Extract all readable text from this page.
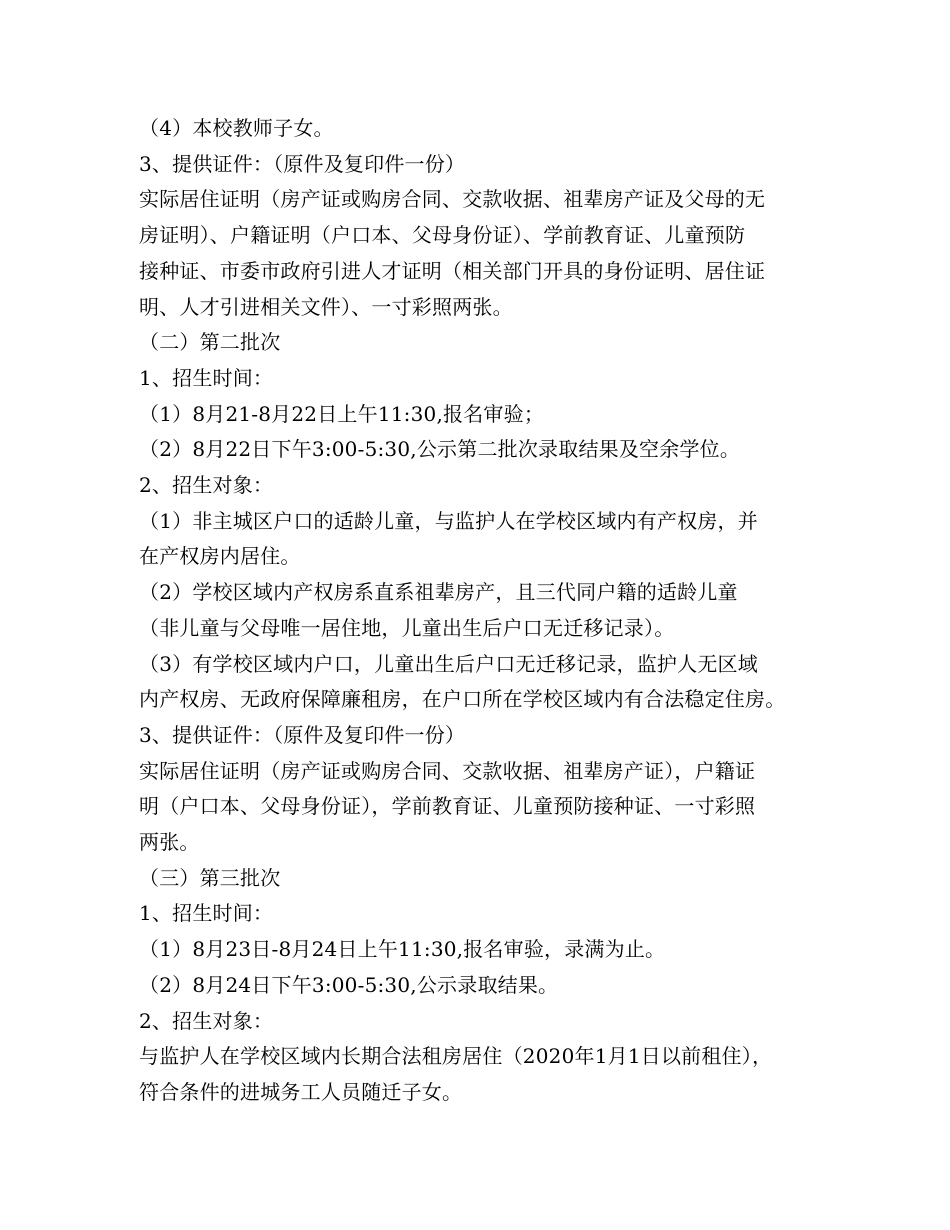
（4）本校教师子女。
3、提供证件：（原件及复印件一份）
实际居住证明（房产证或购房合同、交款收据、祖辈房产证及父母的无
房证明）、户籍证明（户口本、父母身份证）、学前教育证、儿童预防
接种证、市委市政府引进人才证明（相关部门开具的身份证明、居住证
明、人才引进相关文件）、一寸彩照两张。
（二）第二批次
1、招生时间：
（1）8月21-8月22日上午11:30,报名审验；
（2）8月22日下午3:00-5:30,公示第二批次录取结果及空余学位。
2、招生对象：
（1）非主城区户口的适龄儿童，与监护人在学校区域内有产权房，并
在产权房内居住。
（2）学校区域内产权房系直系祖辈房产，且三代同户籍的适龄儿童
（非儿童与父母唯一居住地，儿童出生后户口无迁移记录）。
（3）有学校区域内户口，儿童出生后户口无迁移记录，监护人无区域
内产权房、无政府保障廉租房，在户口所在学校区域内有合法稳定住房。
3、提供证件：（原件及复印件一份）
实际居住证明（房产证或购房合同、交款收据、祖辈房产证），户籍证
明（户口本、父母身份证），学前教育证、儿童预防接种证、一寸彩照
两张。
（三）第三批次
1、招生时间：
（1）8月23日-8月24日上午11:30,报名审验，录满为止。
（2）8月24日下午3:00-5:30,公示录取结果。
2、招生对象：
与监护人在学校区域内长期合法租房居住（2020年1月1日以前租住），
符合条件的进城务工人员随迁子女。
